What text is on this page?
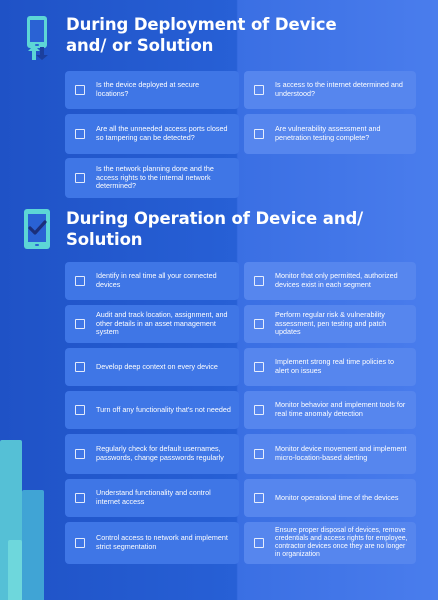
During Deployment of Device and/ or Solution
Is the device deployed at secure locations?
Is access to the internet determined and understood?
Are all the unneeded access ports closed so tampering can be detected?
Are vulnerability assessment and penetration testing complete?
Is the network planning done and the access rights to the internal network determined?
During Operation of Device and/ Solution
Identify in real time all your connected devices
Monitor that only permitted, authorized devices exist in each segment
Audit and track location, assignment, and other details in an asset management system
Perform regular risk & vulnerability assessment, pen testing and patch updates
Develop deep context on every device	Implement strong real time policies to alert on issues
Turn off any functionality that's not needed	Monitor behavior and implement tools for real time anomaly detection
Regularly check for default usernames, passwords, change passwords regularly
Monitor device movement and implement micro-location-based alerting
Understand functionality and control internet access	Monitor operational time of the devices
Control access to network and implement strict segmentation
Ensure proper disposal of devices, remove credentials and access rights for employee, contractor devices once they are no longer in organization
